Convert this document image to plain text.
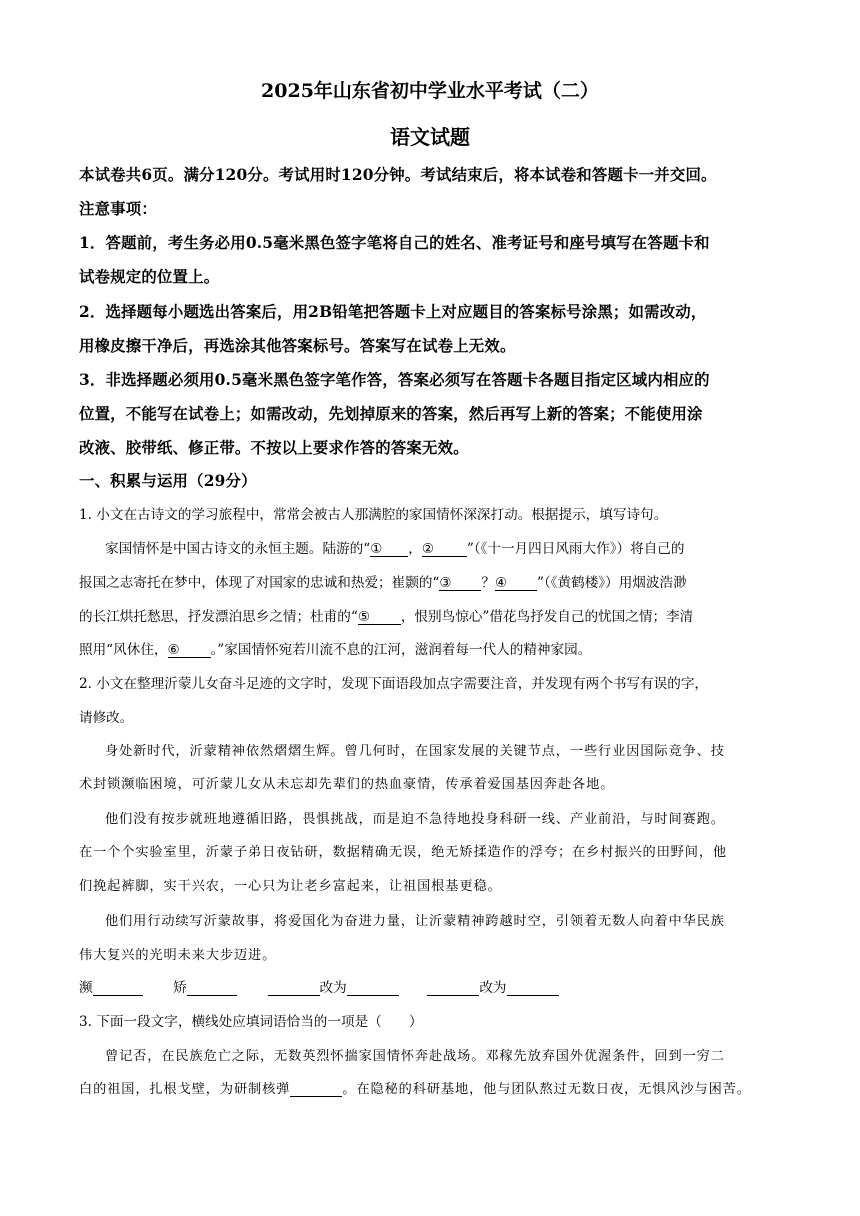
2025年山东省初中学业水平考试（二）
语文试题
本试卷共6页。满分120分。考试用时120分钟。考试结束后，将本试卷和答题卡一并交回。
注意事项：
1．答题前，考生务必用0.5毫米黑色签字笔将自己的姓名、准考证号和座号填写在答题卡和
试卷规定的位置上。
2．选择题每小题选出答案后，用2B铅笔把答题卡上对应题目的答案标号涂黑；如需改动，
用橡皮擦干净后，再选涂其他答案标号。答案写在试卷上无效。
3．非选择题必须用0.5毫米黑色签字笔作答，答案必须写在答题卡各题目指定区域内相应的
位置，不能写在试卷上；如需改动，先划掉原来的答案，然后再写上新的答案；不能使用涂
改液、胶带纸、修正带。不按以上要求作答的答案无效。
一、积累与运用（29分）
1. 小文在古诗文的学习旅程中，常常会被古人那满腔的家国情怀深深打动。根据提示，填写诗句。
家国情怀是中国古诗文的永恒主题。陆游的“① ，② ”（《十一月四日风雨大作》）将自己的
报国之志寄托在梦中，体现了对国家的忠诚和热爱；崔颢的“③ ？④ ”（《黄鹤楼》）用烟波浩渺
的长江烘托愁思，抒发漂泊思乡之情；杜甫的“⑤ ，恨别鸟惊心”借花鸟抒发自己的忧国之情；李清
照用“风休住，⑥ 。”家国情怀宛若川流不息的江河，滋润着每一代人的精神家园。
2. 小文在整理沂蒙儿女奋斗足迹的文字时，发现下面语段加点字需要注音，并发现有两个书写有误的字，
请修改。
身处新时代，沂蒙精神依然熠熠生辉。曾几何时，在国家发展的关键节点，一些行业因国际竞争、技
术封锁濒临困境，可沂蒙儿女从未忘却先辈们的热血豪情，传承着爱国基因奔赴各地。
他们没有按步就班地遵循旧路，畏惧挑战，而是迫不急待地投身科研一线、产业前沿，与时间赛跑。
在一个个实验室里，沂蒙子弟日夜钻研，数据精确无误，绝无矫揉造作的浮夸；在乡村振兴的田野间，他
们挽起裤脚，实干兴农，一心只为让老乡富起来，让祖国根基更稳。
他们用行动续写沂蒙故事，将爱国化为奋进力量，让沂蒙精神跨越时空，引领着无数人向着中华民族
伟大复兴的光明未来大步迈进。
濒	矫	改为	改为
3. 下面一段文字，横线处应填词语恰当的一项是（　　）
曾记否，在民族危亡之际，无数英烈怀揣家国情怀奔赴战场。邓稼先放弃国外优渥条件，回到一穷二
白的祖国，扎根戈壁，为研制核弹	。在隐秘的科研基地，他与团队熬过无数日夜，无惧风沙与困苦。
